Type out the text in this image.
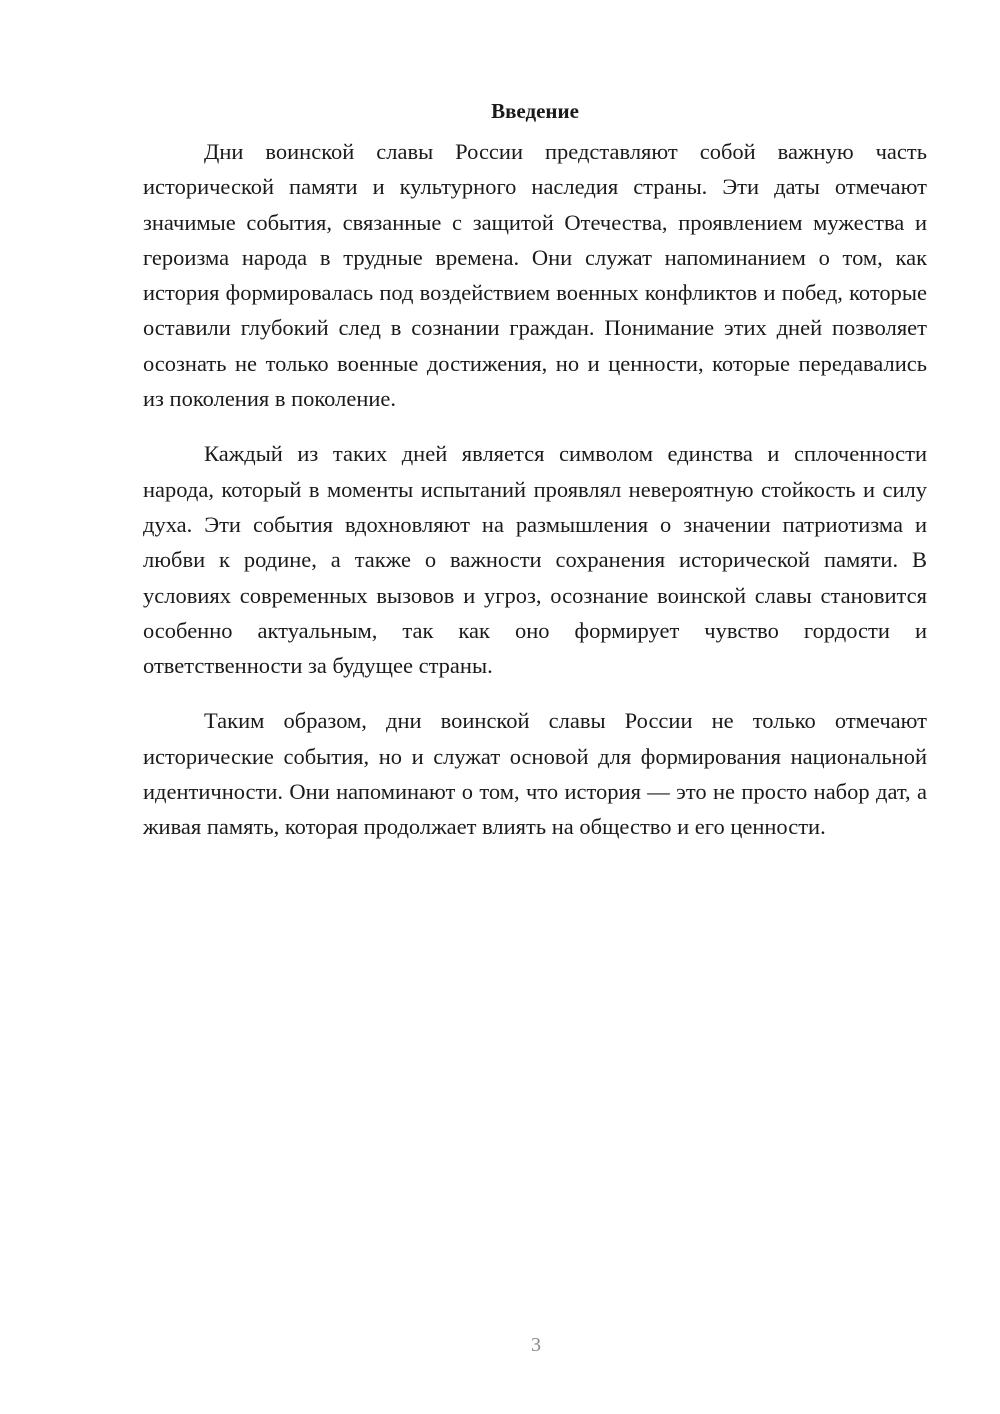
Введение

Дни воинской славы России представляют собой важную часть исторической памяти и культурного наследия страны. Эти даты отмечают значимые события, связанные с защитой Отечества, проявлением мужества и героизма народа в трудные времена. Они служат напоминанием о том, как история формировалась под воздействием военных конфликтов и побед, которые оставили глубокий след в сознании граждан. Понимание этих дней позволяет осознать не только военные достижения, но и ценности, которые передавались из поколения в поколение.

Каждый из таких дней является символом единства и сплоченности народа, который в моменты испытаний проявлял невероятную стойкость и силу духа. Эти события вдохновляют на размышления о значении патриотизма и любви к родине, а также о важности сохранения исторической памяти. В условиях современных вызовов и угроз, осознание воинской славы становится особенно актуальным, так как оно формирует чувство гордости и ответственности за будущее страны.

Таким образом, дни воинской славы России не только отмечают исторические события, но и служат основой для формирования национальной идентичности. Они напоминают о том, что история — это не просто набор дат, а живая память, которая продолжает влиять на общество и его ценности.

3
